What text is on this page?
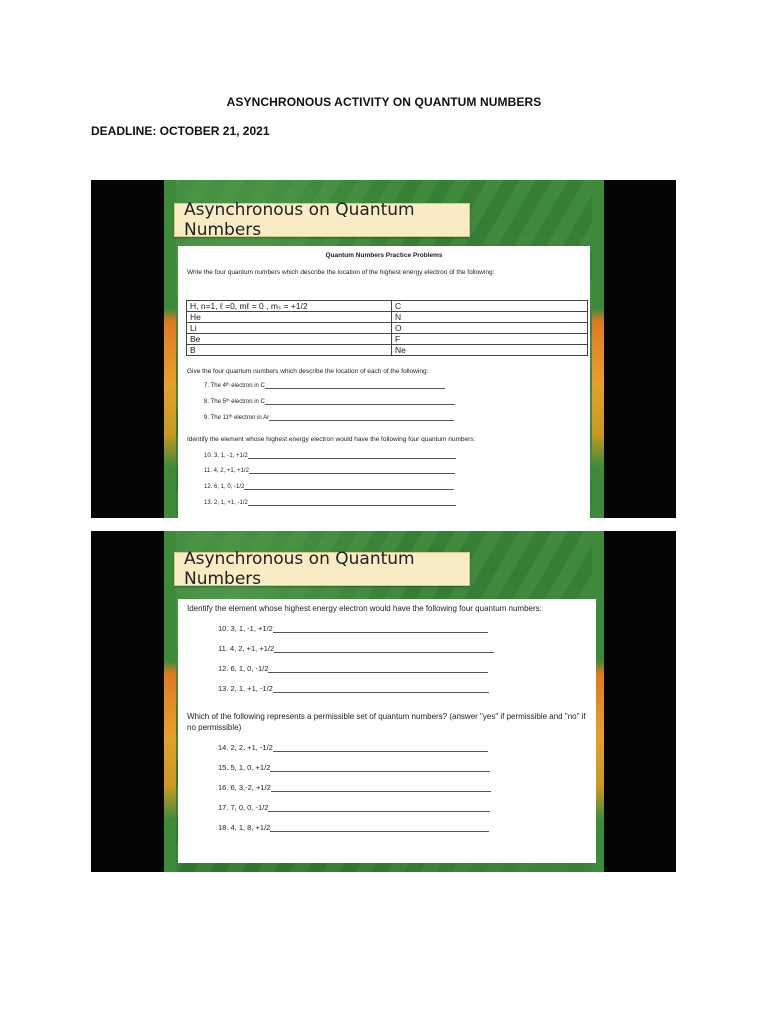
ASYNCHRONOUS ACTIVITY ON QUANTUM NUMBERS
DEADLINE: OCTOBER 21, 2021
Asynchronous on Quantum Numbers
Quantum Numbers Practice Problems
Write the four quantum numbers which describe the location of the highest energy electron of the following:
H, n=1, ℓ =0, mℓ = 0 , mₛ = +1/2	C
He	N
Li	O
Be	F
B	Ne
Give the four quantum numbers which describe the location of each of the following:
7. The 4ᵗʰ electron in C
8. The 5ᵗʰ electron in C
9. The 11ᵗʰ electron in Ar
Identify the element whose highest energy electron would have the following four quantum numbers:
10. 3, 1, -1, +1/2
11. 4, 2, +1, +1/2
12. 6, 1, 0, -1/2
13. 2, 1, +1, -1/2
Asynchronous on Quantum Numbers
Identify the element whose highest energy electron would have the following four quantum numbers:
10. 3, 1, -1, +1/2
11. 4, 2, +1, +1/2
12. 6, 1, 0, -1/2
13. 2, 1, +1, -1/2
Which of the following represents a permissible set of quantum numbers? (answer "yes" if permissible and "no" if
no permissible)
14. 2, 2, +1, -1/2
15. 5, 1, 0, +1/2
16. 6, 3,-2, +1/2
17. 7, 0, 0, -1/2
18. 4, 1, 8, +1/2
